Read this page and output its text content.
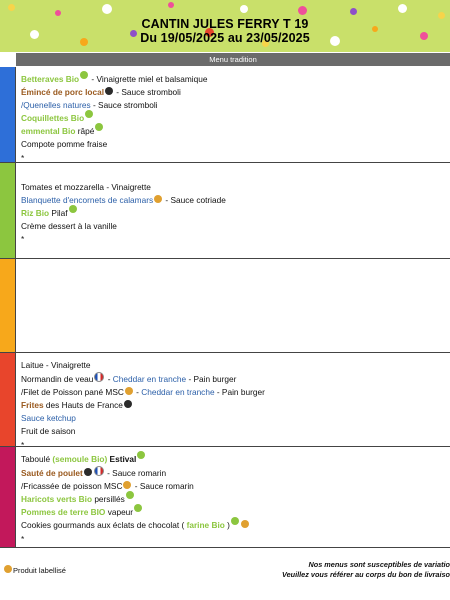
CANTIN JULES FERRY T 19
Du 19/05/2025 au 23/05/2025
Menu tradition
Betteraves Bio - Vinaigrette miel et balsamique
Émincé de porc local - Sauce stromboli
/Quenelles natures - Sauce stromboli
Coquillettes Bio
emmental Bio râpé
Compote pomme fraise
*
Tomates et mozzarella - Vinaigrette
Blanquette d'encornets de calamars - Sauce cotriade
Riz Bio Pilaf
Crème dessert à la vanille
*
Laitue - Vinaigrette
Normandin de veau - Cheddar en tranche - Pain burger
/Filet de Poisson pané MSC - Cheddar en tranche - Pain burger
Frites des Hauts de France
Sauce ketchup
Fruit de saison
*
Taboulé (semoule Bio) Estival
Sauté de poulet	- Sauce romarin
/Fricassée de poisson MSC - Sauce romarin
Haricots verts Bio persillés
Pommes de terre BIO vapeur
Cookies gourmands aux éclats de chocolat ( farine Bio )
*
Produit labellisé
Nos menus sont susceptibles de variatio
Veuillez vous référer au corps du bon de livraiso
